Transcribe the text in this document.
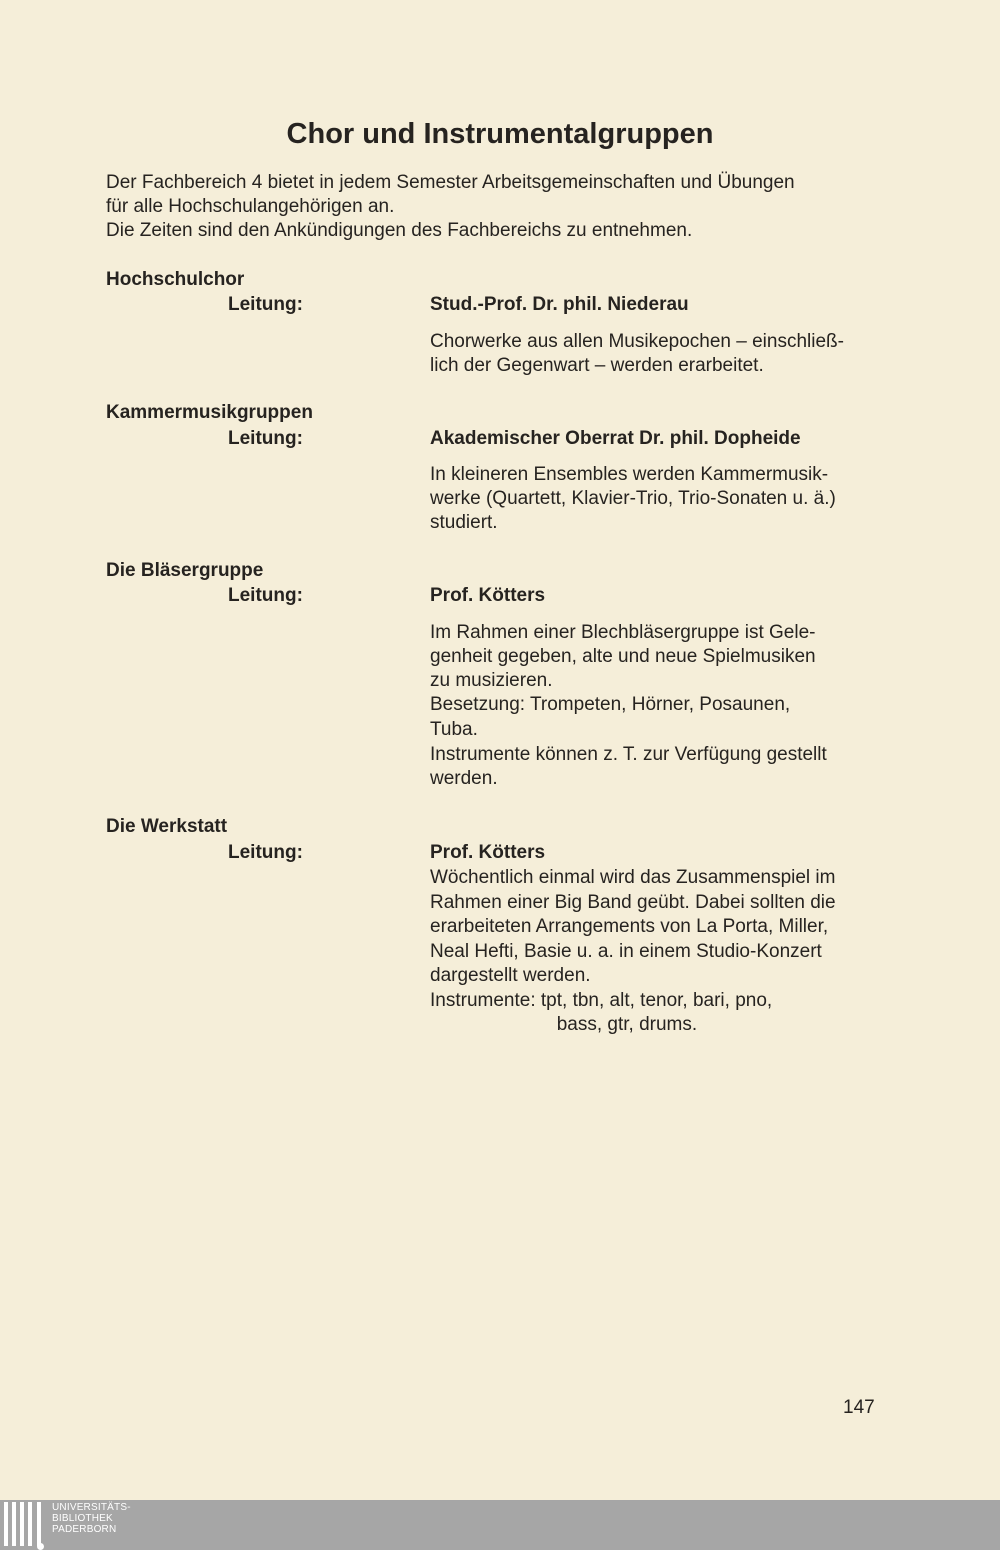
Chor und Instrumentalgruppen
Der Fachbereich 4 bietet in jedem Semester Arbeitsgemeinschaften und Übungen
für alle Hochschulangehörigen an.
Die Zeiten sind den Ankündigungen des Fachbereichs zu entnehmen.
Hochschulchor
Leitung:	Stud.-Prof. Dr. phil. Niederau
Chorwerke aus allen Musikepochen – einschließ-
lich der Gegenwart – werden erarbeitet.
Kammermusikgruppen
Leitung:	Akademischer Oberrat Dr. phil. Dopheide
In kleineren Ensembles werden Kammermusik-
werke (Quartett, Klavier-Trio, Trio-Sonaten u. ä.)
studiert.
Die Bläsergruppe
Leitung:	Prof. Kötters
Im Rahmen einer Blechbläsergruppe ist Gele-
genheit gegeben, alte und neue Spielmusiken
zu musizieren.
Besetzung: Trompeten, Hörner, Posaunen,
Tuba.
Instrumente können z. T. zur Verfügung gestellt
werden.
Die Werkstatt
Leitung:	Prof. Kötters
Wöchentlich einmal wird das Zusammenspiel im
Rahmen einer Big Band geübt. Dabei sollten die
erarbeiteten Arrangements von La Porta, Miller,
Neal Hefti, Basie u. a. in einem Studio-Konzert
dargestellt werden.
Instrumente: tpt, tbn, alt, tenor, bari, pno,
bass, gtr, drums.
147
UNIVERSITÄTS-
BIBLIOTHEK
PADERBORN
